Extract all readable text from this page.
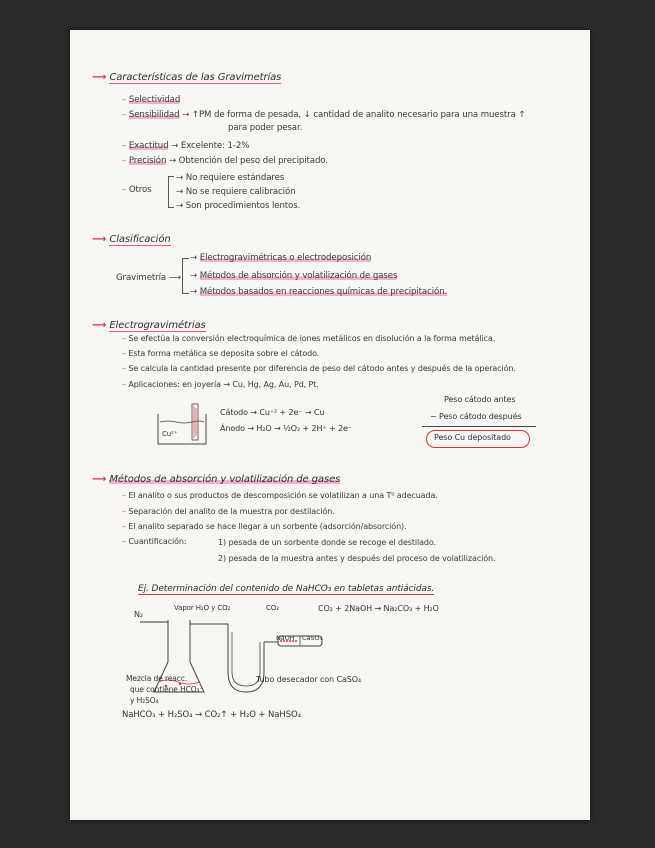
⟶ Características de las Gravimetrías
– Selectividad
– Sensibilidad → ↑PM de forma de pesada, ↓ cantidad de analito necesario para una muestra ↑
para poder pesar.
– Exactitud → Excelente: 1-2%
– Precisión → Obtención del peso del precipitado.
– Otros
→ No requiere estándares
→ No se requiere calibración
→ Son procedimientos lentos.
⟶ Clasificación
Gravimetría ⟶
→ Electrogravimétricas o electrodeposición
→ Métodos de absorción y volatilización de gases
→ Métodos basados en reacciones químicas de precipitación.
⟶ Electrogravimétrias
– Se efectúa la conversión electroquímica de iones metálicos en disolución a la forma metálica.
– Esta forma metálica se deposita sobre el cátodo.
– Se calcula la cantidad presente por diferencia de peso del cátodo antes y después de la operación.
– Aplicaciones: en joyería → Cu, Hg, Ag, Au, Pd, Pt.
Cu²⁺
Cátodo → Cu⁺² + 2e⁻ → Cu
Ánodo → H₂O → ½O₂ + 2H⁺ + 2e⁻
Peso cátodo antes
− Peso cátodo después
Peso Cu depositado
⟶ Métodos de absorción y volatilización de gases
– El analito o sus productos de descomposición se volatilizan a una T⁰ adecuada.
– Separación del analito de la muestra por destilación.
– El analito separado se hace llegar a un sorbente (adsorción/absorción).
– Cuantificación:	1) pesada de un sorbente donde se recoge el destilado.
2) pesada de la muestra antes y después del proceso de volatilización.
Ej. Determinación del contenido de NaHCO₃ en tabletas antiácidas.
N₂
Vapor H₂O y CO₂	CO₂	CO₂ + 2NaOH → Na₂CO₃ + H₂O
NaOH CaSO₄
Mezcla de reacc.
que contiene HCO₃⁻
y H₂SO₄
Tubo desecador con CaSO₄
NaHCO₃ + H₂SO₄ → CO₂↑ + H₂O + NaHSO₄
